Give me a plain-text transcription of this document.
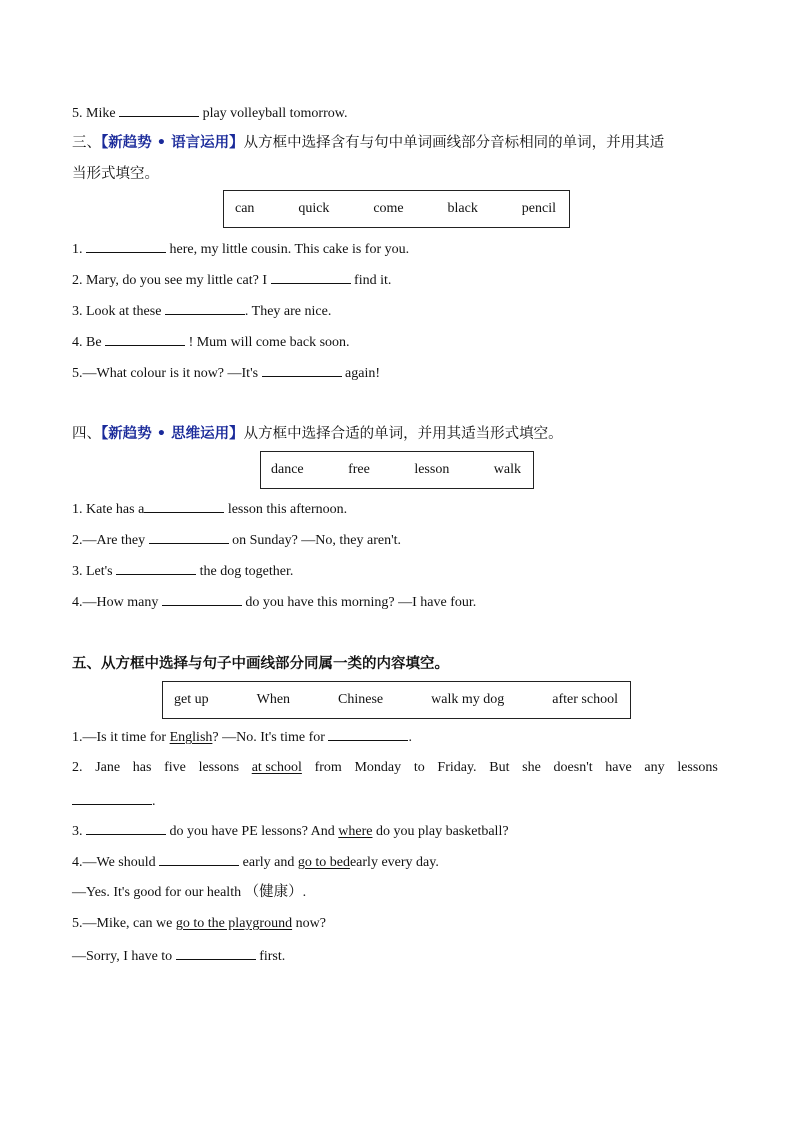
5. Mike	play volleyball tomorrow.
三、【新趋势 • 语言运用】从方框中选择含有与句中单词画线部分音标相同的单词，并用其适
当形式填空。
can	quick	come	black	pencil
1.	here, my little cousin. This cake is for you.
2. Mary, do you see my little cat? I	find it.
3. Look at these	. They are nice.
4. Be	! Mum will come back soon.
5.—What colour is it now? —It's	again!
四、【新趋势 • 思维运用】从方框中选择合适的单词，并用其适当形式填空。
dance	free	lesson	walk
1. Kate has a	lesson this afternoon.
2.—Are they	on Sunday? —No, they aren't.
3. Let's	the dog together.
4.—How many	do you have this morning? —I have four.
五、从方框中选择与句子中画线部分同属一类的内容填空。
get up	When	Chinese	walk my dog	after school
1.—Is it time for English? —No. It's time for	.
2. Jane has five lessons at school from Monday to Friday. But she doesn't have any lessons
.
3.	do you have PE lessons? And where do you play basketball?
4.—We should	early and go to bedearly every day.
—Yes. It's good for our health （健康）.
5.—Mike, can we go to the playground now?
—Sorry, I have to	first.
